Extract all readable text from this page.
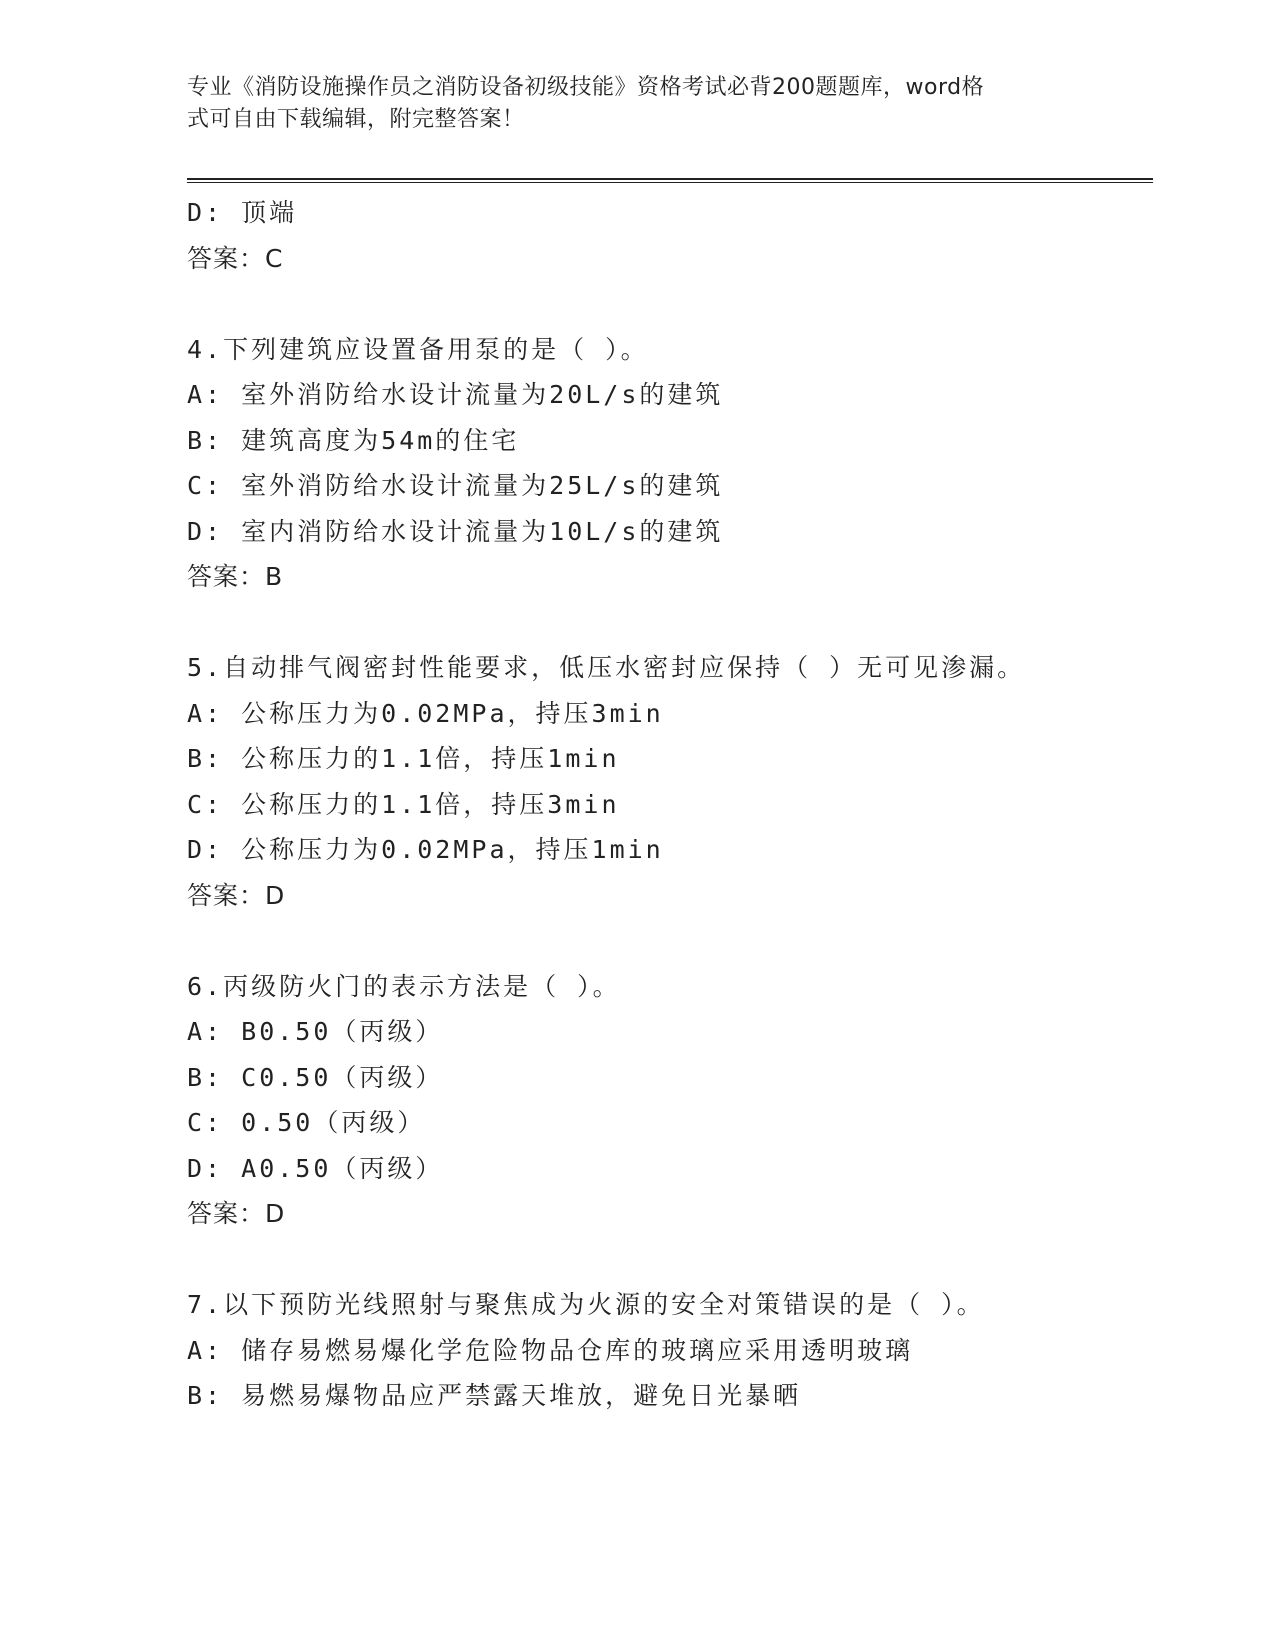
专业《消防设施操作员之消防设备初级技能》资格考试必背200题题库，word格
式可自由下载编辑，附完整答案！
D: 顶端
答案：C
4.下列建筑应设置备用泵的是（ ）。
A: 室外消防给水设计流量为20L/s的建筑
B: 建筑高度为54m的住宅
C: 室外消防给水设计流量为25L/s的建筑
D: 室内消防给水设计流量为10L/s的建筑
答案：B
5.自动排气阀密封性能要求，低压水密封应保持（ ）无可见渗漏。
A: 公称压力为0.02MPa，持压3min
B: 公称压力的1.1倍，持压1min
C: 公称压力的1.1倍，持压3min
D: 公称压力为0.02MPa，持压1min
答案：D
6.丙级防火门的表示方法是（ ）。
A: B0.50（丙级）
B: C0.50（丙级）
C: 0.50（丙级）
D: A0.50（丙级）
答案：D
7.以下预防光线照射与聚焦成为火源的安全对策错误的是（ ）。
A: 储存易燃易爆化学危险物品仓库的玻璃应采用透明玻璃
B: 易燃易爆物品应严禁露天堆放，避免日光暴晒
